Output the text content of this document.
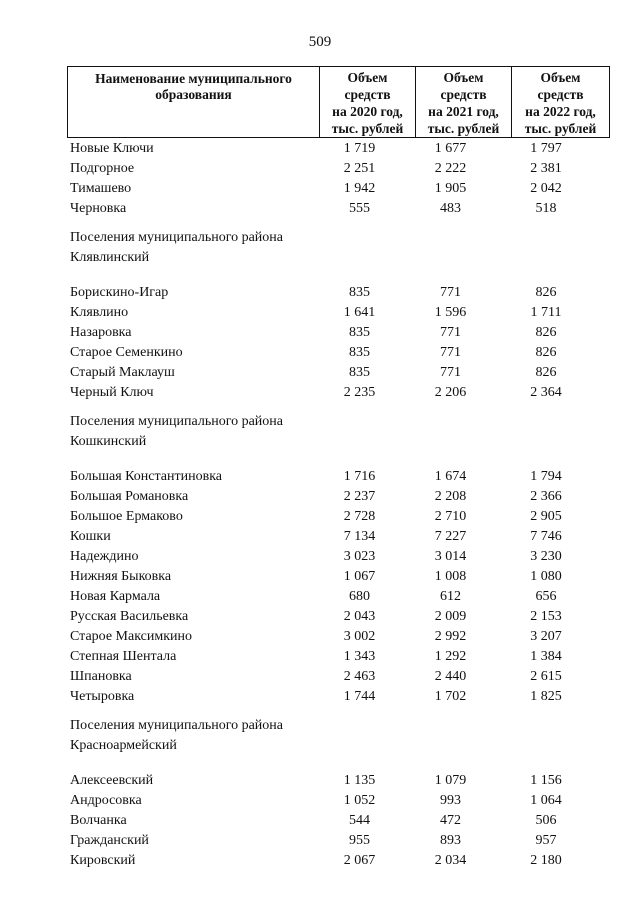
509
Наименование муниципального
образования

Объем
средств
на 2020 год,
тыс. рублей

Объем
средств
на 2021 год,
тыс. рублей

Объем
средств
на 2022 год,
тыс. рублей
Новые Ключи	1 719	1 677	1 797
Подгорное	2 251	2 222	2 381
Тимашево	1 942	1 905	2 042
Черновка	555	483	518
Поселения муниципального районa
Клявлинский
Борискино-Игар	835	771	826
Клявлино	1 641	1 596	1 711
Назаровка	835	771	826
Старое Семенкино	835	771	826
Старый Маклауш	835	771	826
Черный Ключ	2 235	2 206	2 364
Поселения муниципального района
Кошкинский
Большая Константиновка	1 716	1 674	1 794
Большая Романовка	2 237	2 208	2 366
Большое Ермаково	2 728	2 710	2 905
Кошки	7 134	7 227	7 746
Надеждино	3 023	3 014	3 230
Нижняя Быковка	1 067	1 008	1 080
Новая Кармала	680	612	656
Русская Васильевка	2 043	2 009	2 153
Старое Максимкино	3 002	2 992	3 207
Степная Шентала	1 343	1 292	1 384
Шпановка	2 463	2 440	2 615
Четыровка	1 744	1 702	1 825
Поселения муниципального района
Красноармейский
Алексеевский	1 135	1 079	1 156
Андросовка	1 052	993	1 064
Волчанка	544	472	506
Гражданский	955	893	957
Кировский	2 067	2 034	2 180
